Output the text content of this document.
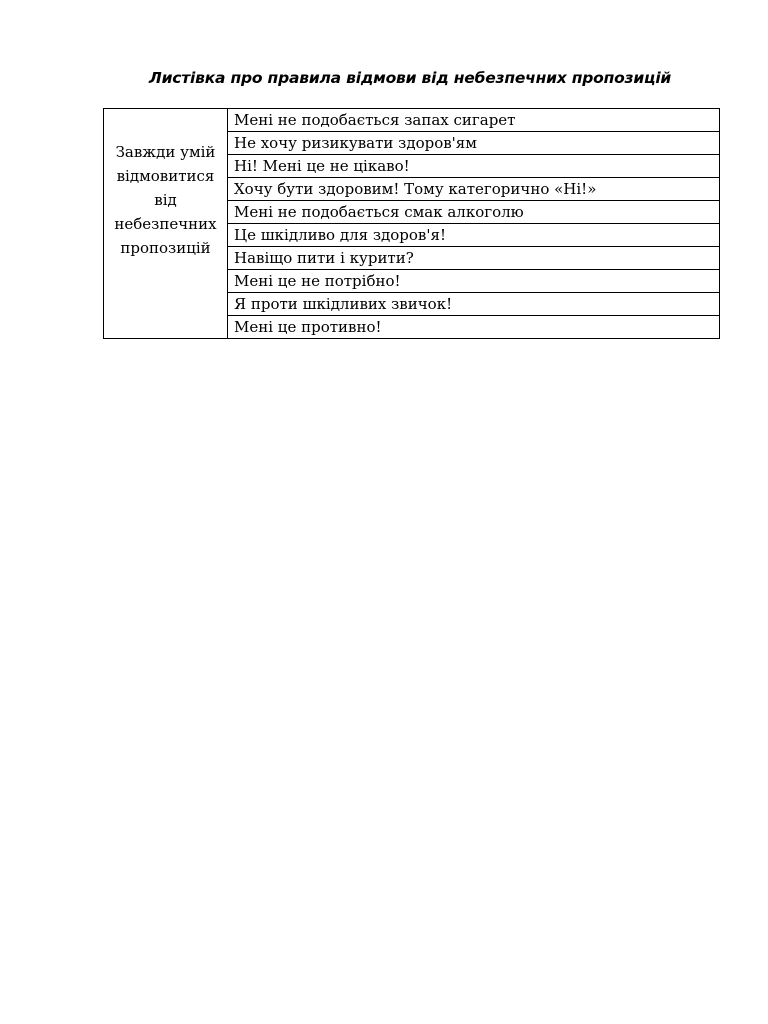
Листівка про правила відмови від небезпечних пропозицій
Завжди умій відмовитися від небезпечних пропозицій	Мені не подобається запах сигарет
Не хочу ризикувати здоров'ям
Ні! Мені це не цікаво!
Хочу бути здоровим! Тому категорично «Ні!»
Мені не подобається смак алкоголю
Це шкідливо для здоров'я!
Навіщо пити і курити?
Мені це не потрібно!
Я проти шкідливих звичок!
Мені це противно!
